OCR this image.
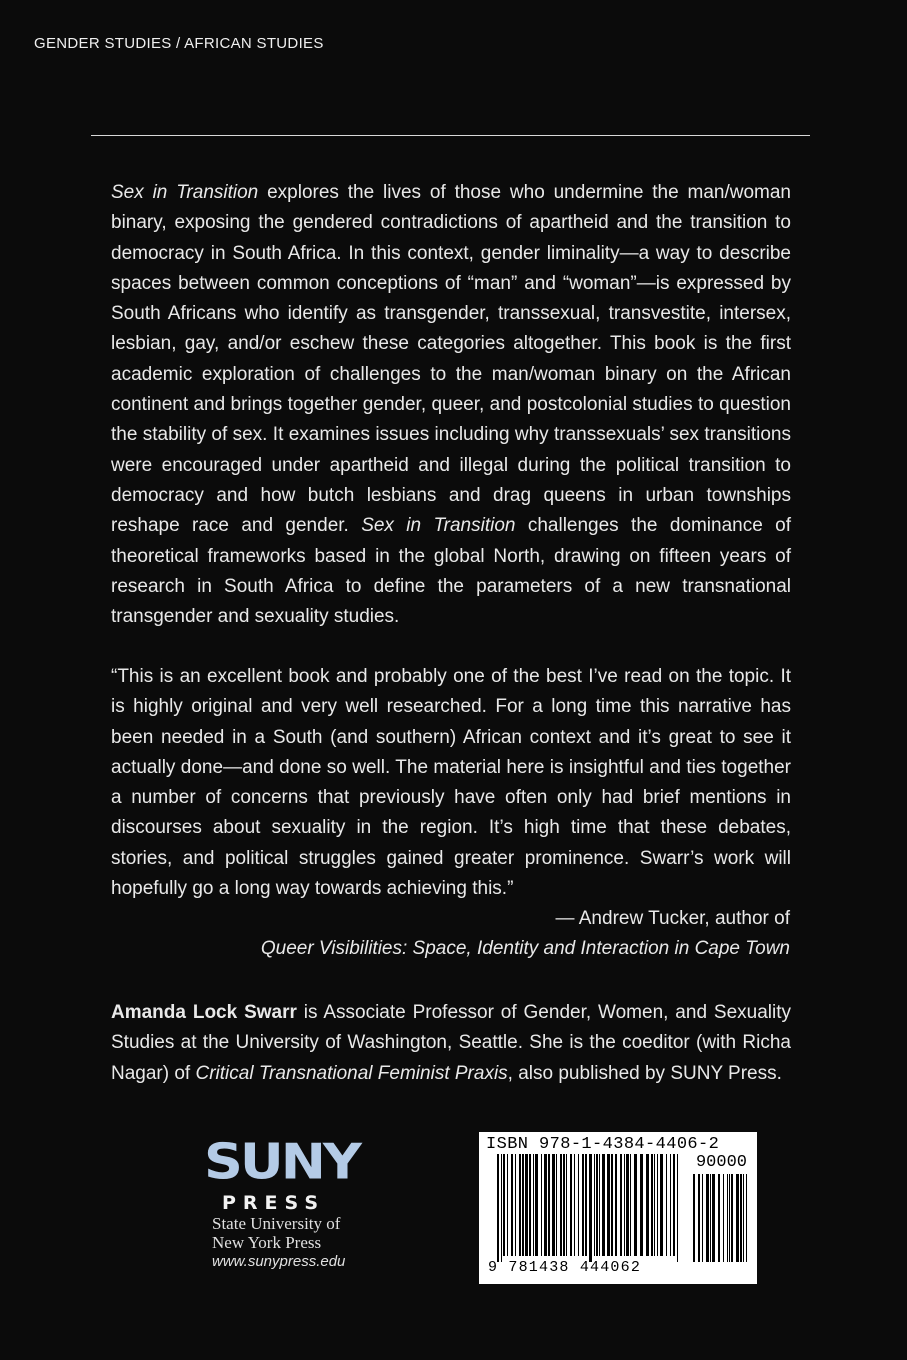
GENDER STUDIES / AFRICAN STUDIES

Sex in Transition explores the lives of those who undermine the man/woman binary, exposing the gendered contradictions of apartheid and the transition to democracy in South Africa. In this context, gender liminality—a way to describe spaces between common conceptions of “man” and “woman”—is expressed by South Africans who identify as transgender, transsexual, transvestite, intersex, lesbian, gay, and/or eschew these categories altogether. This book is the first academic exploration of challenges to the man/woman binary on the African continent and brings together gender, queer, and postcolonial studies to question the stability of sex. It examines issues including why transsexuals’ sex transitions were encouraged under apartheid and illegal during the political transition to democracy and how butch lesbians and drag queens in urban townships reshape race and gender. Sex in Transition challenges the dominance of theoretical frameworks based in the global North, drawing on fifteen years of research in South Africa to define the parameters of a new transnational transgender and sexuality studies.

“This is an excellent book and probably one of the best I’ve read on the topic. It is highly original and very well researched. For a long time this narrative has been needed in a South (and southern) African context and it’s great to see it actually done—and done so well. The material here is insightful and ties together a number of concerns that previously have often only had brief mentions in discourses about sexuality in the region. It’s high time that these debates, stories, and political struggles gained greater prominence. Swarr’s work will hopefully go a long way towards achieving this.”

— Andrew Tucker, author of
Queer Visibilities: Space, Identity and Interaction in Cape Town

Amanda Lock Swarr is Associate Professor of Gender, Women, and Sexuality Studies at the University of Washington, Seattle. She is the coeditor (with Richa Nagar) of Critical Transnational Feminist Praxis, also published by SUNY Press.

SUNY
PRESS
State University of
New York Press
www.sunypress.edu
ISBN 978-1-4384-4406-2
90000
9 781438 444062
